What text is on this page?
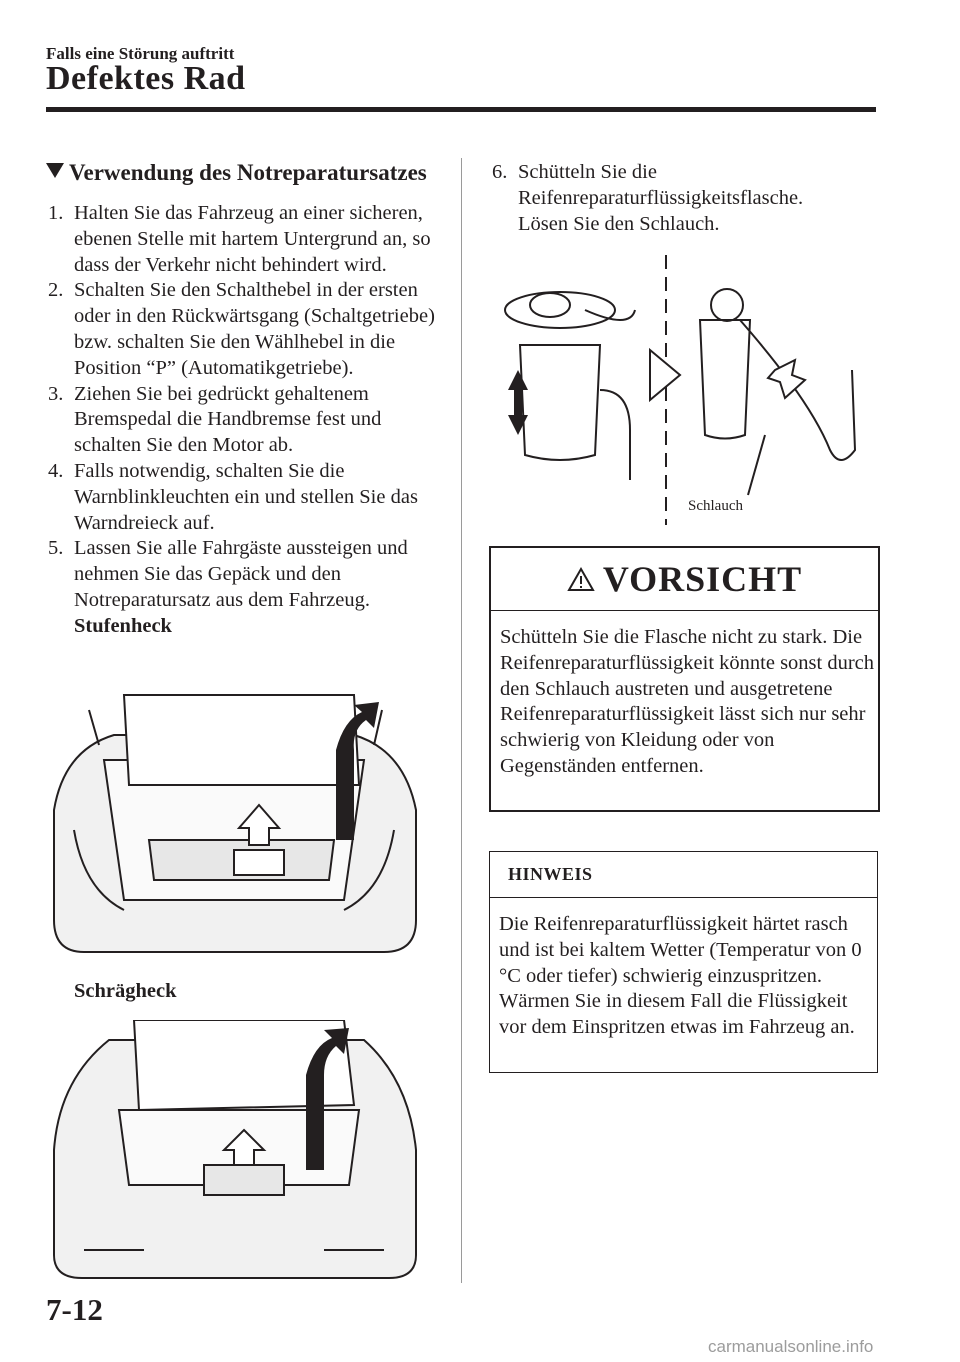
Falls eine Störung auftritt
Defektes Rad
Verwendung des Notreparatursatzes
1. Halten Sie das Fahrzeug an einer sicheren, ebenen Stelle mit hartem Untergrund an, so dass der Verkehr nicht behindert wird.
2. Schalten Sie den Schalthebel in der ersten oder in den Rückwärtsgang (Schaltgetriebe) bzw. schalten Sie den Wählhebel in die Position “P” (Automatikgetriebe).
3. Ziehen Sie bei gedrückt gehaltenem Bremspedal die Handbremse fest und schalten Sie den Motor ab.
4. Falls notwendig, schalten Sie die Warnblinkleuchten ein und stellen Sie das Warndreieck auf.
5. Lassen Sie alle Fahrgäste aussteigen und nehmen Sie das Gepäck und den Notreparatursatz aus dem Fahrzeug.
Stufenheck
Schrägheck
6. Schütteln Sie die
Reifenreparaturflüssigkeitsflasche.
Lösen Sie den Schlauch.
Schlauch
VORSICHT
Schütteln Sie die Flasche nicht zu stark. Die Reifenreparaturflüssigkeit könnte sonst durch den Schlauch austreten und ausgetretene Reifenreparaturflüssigkeit lässt sich nur sehr schwierig von Kleidung oder von Gegenständen entfernen.
HINWEIS
Die Reifenreparaturflüssigkeit härtet rasch und ist bei kaltem Wetter (Temperatur von 0 °C oder tiefer) schwierig einzuspritzen. Wärmen Sie in diesem Fall die Flüssigkeit vor dem Einspritzen etwas im Fahrzeug an.
7-12
carmanualsonline.info
